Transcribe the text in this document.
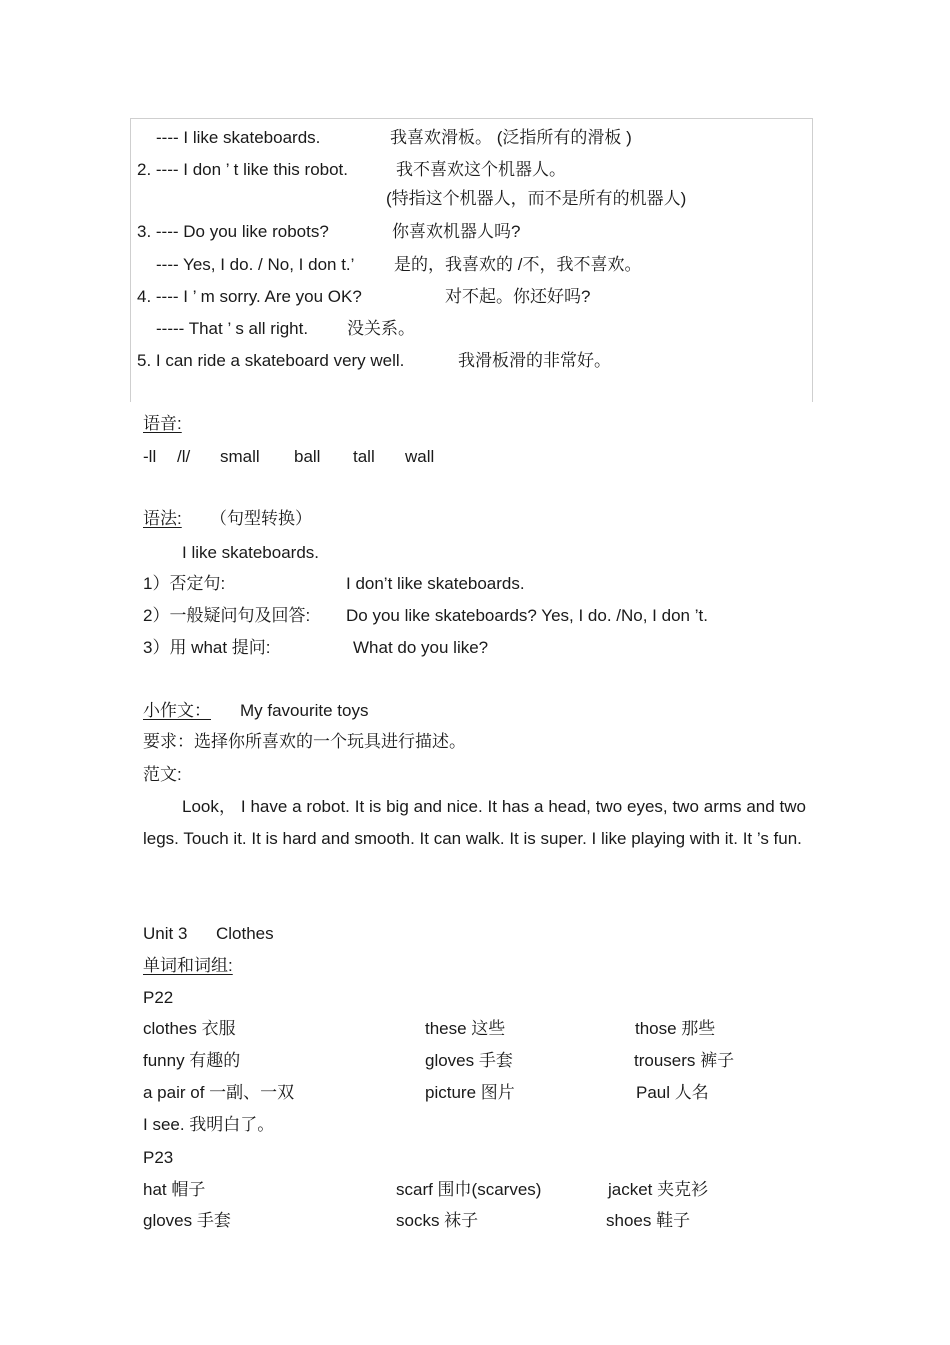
---- I like skateboards.	我喜欢滑板。 (泛指所有的滑板 )
2. ---- I don ’ t like this robot.	我不喜欢这个机器人。
(特指这个机器人，而不是所有的机器人)
3. ---- Do you like robots?	你喜欢机器人吗?
---- Yes, I do. / No, I don t.’ 是的，我喜欢的 /不，我不喜欢。
4. ---- I ’ m sorry. Are you OK?	对不起。你还好吗?
----- That ’ s all right. 没关系。
5. I can ride a skateboard very well.	我滑板滑的非常好。
语音:
-ll /l/ small ball tall wall
语法: （句型转换）
I like skateboards.
1）否定句:	I don’t like skateboards.
2）一般疑问句及回答: Do you like skateboards? Yes, I do. /No, I don ’t.
3）用 what 提问:	What do you like?
小作文： My favourite toys
要求：选择你所喜欢的一个玩具进行描述。
范文:
Look， I have a robot. It is big and nice. It has a head, two eyes, two arms and two legs. Touch it. It is hard and smooth. It can walk. It is super. I like playing with it. It ’s fun.
Unit 3 Clothes
单词和词组:
P22
clothes 衣服	these 这些	those 那些
funny 有趣的	gloves 手套	trousers 裤子
a pair of 一副、一双	picture 图片	Paul 人名
I see. 我明白了。
P23
hat 帽子	scarf 围巾(scarves)	jacket 夹克衫
gloves 手套	socks 袜子	shoes 鞋子
